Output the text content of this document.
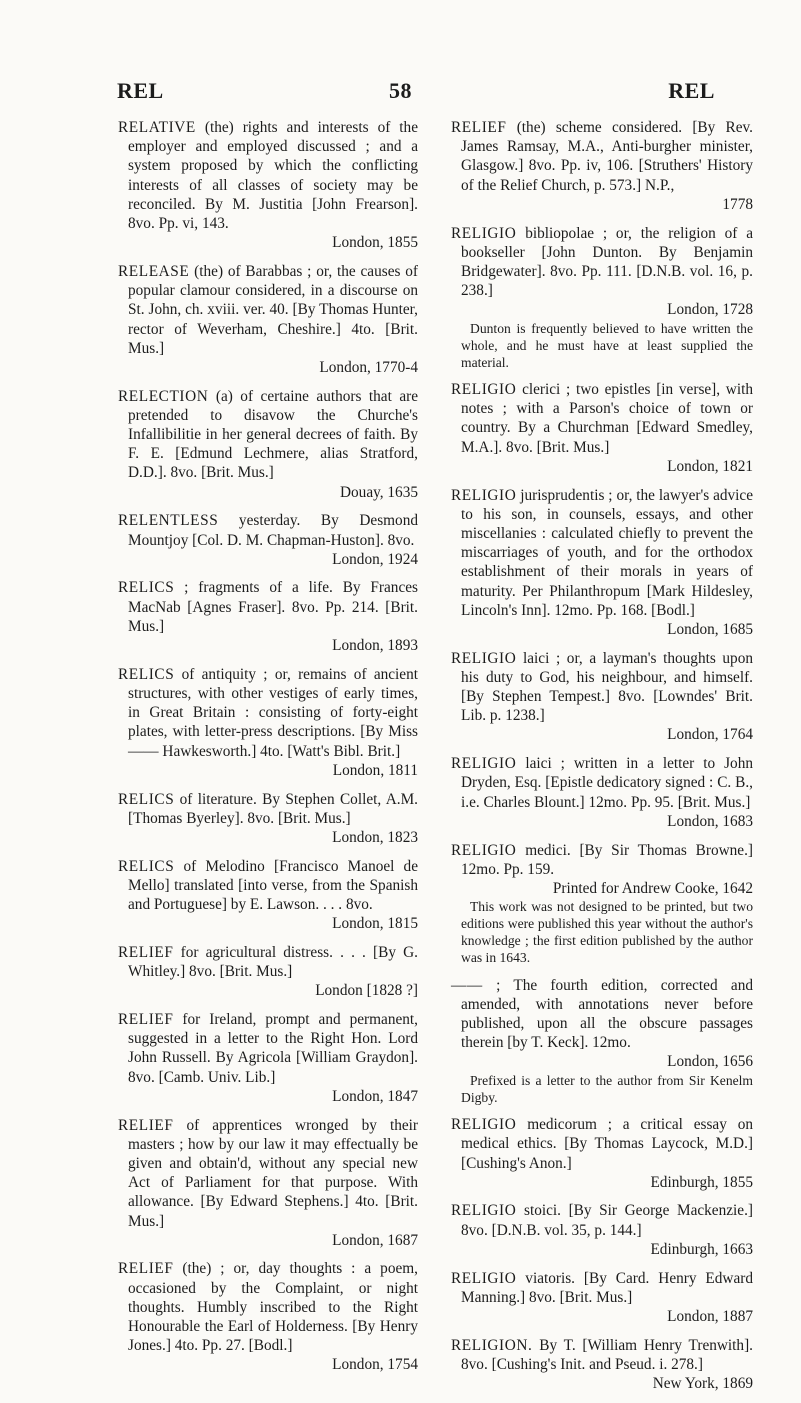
REL	58	REL
RELATIVE (the) rights and interests of the employer and employed discussed ; and a system proposed by which the conflicting interests of all classes of society may be reconciled. By M. Justitia [John Frearson]. 8vo. Pp. vi, 143.
London, 1855
RELEASE (the) of Barabbas ; or, the causes of popular clamour considered, in a discourse on St. John, ch. xviii. ver. 40. [By Thomas Hunter, rector of Weverham, Cheshire.] 4to. [Brit. Mus.]
London, 1770-4
RELECTION (a) of certaine authors that are pretended to disavow the Churche's Infallibilitie in her general decrees of faith. By F. E. [Edmund Lechmere, alias Stratford, D.D.]. 8vo. [Brit. Mus.]
Douay, 1635
RELENTLESS yesterday. By Desmond Mountjoy [Col. D. M. Chapman-Huston]. 8vo.
London, 1924
RELICS ; fragments of a life. By Frances MacNab [Agnes Fraser]. 8vo. Pp. 214. [Brit. Mus.]
London, 1893
RELICS of antiquity ; or, remains of ancient structures, with other vestiges of early times, in Great Britain : consisting of forty-eight plates, with letter-press descriptions. [By Miss —— Hawkesworth.] 4to. [Watt's Bibl. Brit.]
London, 1811
RELICS of literature. By Stephen Collet, A.M. [Thomas Byerley]. 8vo. [Brit. Mus.]
London, 1823
RELICS of Melodino [Francisco Manoel de Mello] translated [into verse, from the Spanish and Portuguese] by E. Lawson. . . . 8vo.
London, 1815
RELIEF for agricultural distress. . . . [By G. Whitley.] 8vo. [Brit. Mus.]
London [1828 ?]
RELIEF for Ireland, prompt and permanent, suggested in a letter to the Right Hon. Lord John Russell. By Agricola [William Graydon]. 8vo. [Camb. Univ. Lib.]
London, 1847
RELIEF of apprentices wronged by their masters ; how by our law it may effectually be given and obtain'd, without any special new Act of Parliament for that purpose. With allowance. [By Edward Stephens.] 4to. [Brit. Mus.]
London, 1687
RELIEF (the) ; or, day thoughts : a poem, occasioned by the Complaint, or night thoughts. Humbly inscribed to the Right Honourable the Earl of Holderness. [By Henry Jones.] 4to. Pp. 27. [Bodl.]
London, 1754
RELIEF (the) scheme considered. [By Rev. James Ramsay, M.A., Anti-burgher minister, Glasgow.] 8vo. Pp. iv, 106. [Struthers' History of the Relief Church, p. 573.] N.P.,
1778
RELIGIO bibliopolae ; or, the religion of a bookseller [John Dunton. By Benjamin Bridgewater]. 8vo. Pp. 111. [D.N.B. vol. 16, p. 238.]
London, 1728
Dunton is frequently believed to have written the whole, and he must have at least supplied the material.
RELIGIO clerici ; two epistles [in verse], with notes ; with a Parson's choice of town or country. By a Churchman [Edward Smedley, M.A.]. 8vo. [Brit. Mus.]
London, 1821
RELIGIO jurisprudentis ; or, the lawyer's advice to his son, in counsels, essays, and other miscellanies : calculated chiefly to prevent the miscarriages of youth, and for the orthodox establishment of their morals in years of maturity. Per Philanthropum [Mark Hildesley, Lincoln's Inn]. 12mo. Pp. 168. [Bodl.]
London, 1685
RELIGIO laici ; or, a layman's thoughts upon his duty to God, his neighbour, and himself. [By Stephen Tempest.] 8vo. [Lowndes' Brit. Lib. p. 1238.]
London, 1764
RELIGIO laici ; written in a letter to John Dryden, Esq. [Epistle dedicatory signed : C. B., i.e. Charles Blount.] 12mo. Pp. 95. [Brit. Mus.]
London, 1683
RELIGIO medici. [By Sir Thomas Browne.] 12mo. Pp. 159.
Printed for Andrew Cooke, 1642
This work was not designed to be printed, but two editions were published this year without the author's knowledge ; the first edition published by the author was in 1643.
—— ; The fourth edition, corrected and amended, with annotations never before published, upon all the obscure passages therein [by T. Keck]. 12mo.
London, 1656
Prefixed is a letter to the author from Sir Kenelm Digby.
RELIGIO medicorum ; a critical essay on medical ethics. [By Thomas Laycock, M.D.] [Cushing's Anon.]
Edinburgh, 1855
RELIGIO stoici. [By Sir George Mackenzie.] 8vo. [D.N.B. vol. 35, p. 144.]
Edinburgh, 1663
RELIGIO viatoris. [By Card. Henry Edward Manning.] 8vo. [Brit. Mus.]
London, 1887
RELIGION. By T. [William Henry Trenwith]. 8vo. [Cushing's Init. and Pseud. i. 278.]
New York, 1869
